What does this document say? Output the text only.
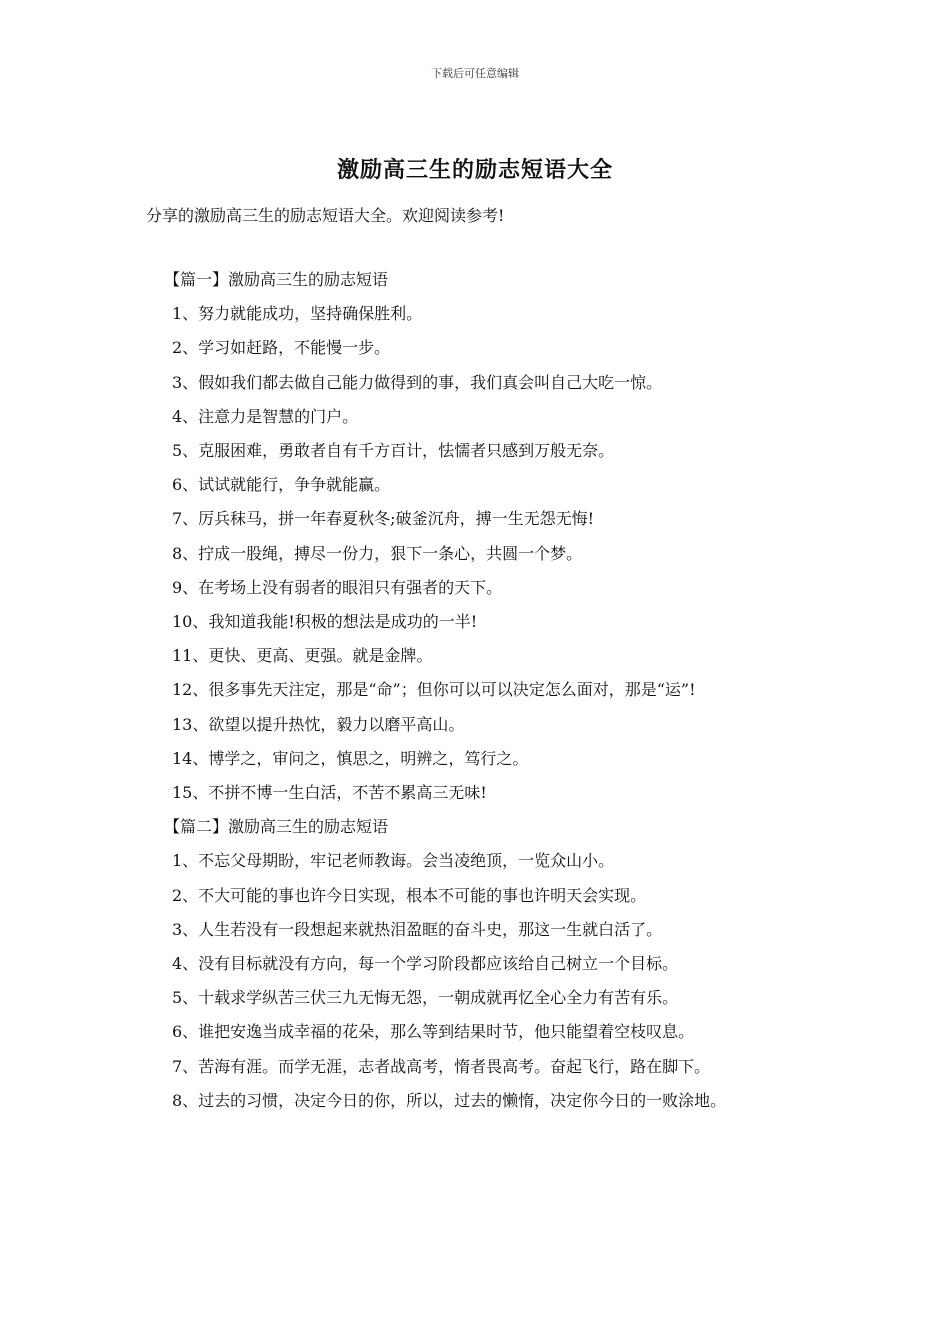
下载后可任意编辑
激励高三生的励志短语大全
分享的激励高三生的励志短语大全。欢迎阅读参考!

【篇一】激励高三生的励志短语

1、努力就能成功，坚持确保胜利。

2、学习如赶路，不能慢一步。

3、假如我们都去做自己能力做得到的事，我们真会叫自己大吃一惊。

4、注意力是智慧的门户。

5、克服困难，勇敢者自有千方百计，怯懦者只感到万般无奈。

6、试试就能行，争争就能赢。

7、厉兵秣马，拼一年春夏秋冬;破釜沉舟，搏一生无怨无悔!

8、拧成一股绳，搏尽一份力，狠下一条心，共圆一个梦。

9、在考场上没有弱者的眼泪只有强者的天下。

10、我知道我能!积极的想法是成功的一半!

11、更快、更高、更强。就是金牌。

12、很多事先天注定，那是“命”；但你可以可以决定怎么面对，那是“运”!

13、欲望以提升热忱，毅力以磨平高山。

14、博学之，审问之，慎思之，明辨之，笃行之。

15、不拼不博一生白活，不苦不累高三无味!

【篇二】激励高三生的励志短语

1、不忘父母期盼，牢记老师教诲。会当凌绝顶，一览众山小。

2、不大可能的事也许今日实现，根本不可能的事也许明天会实现。

3、人生若没有一段想起来就热泪盈眶的奋斗史，那这一生就白活了。

4、没有目标就没有方向，每一个学习阶段都应该给自己树立一个目标。

5、十载求学纵苦三伏三九无悔无怨，一朝成就再忆全心全力有苦有乐。

6、谁把安逸当成幸福的花朵，那么等到结果时节，他只能望着空枝叹息。

7、苦海有涯。而学无涯，志者战高考，惰者畏高考。奋起飞行，路在脚下。

8、过去的习惯，决定今日的你，所以，过去的懒惰，决定你今日的一败涂地。
